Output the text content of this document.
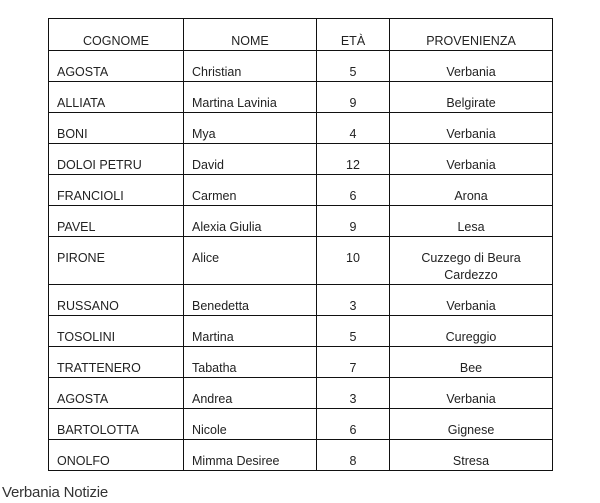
COGNOME	NOME	ETÀ	PROVENIENZA
AGOSTA	Christian	5	Verbania
ALLIATA	Martina Lavinia	9	Belgirate
BONI	Mya	4	Verbania
DOLOI PETRU	David	12	Verbania
FRANCIOLI	Carmen	6	Arona
PAVEL	Alexia Giulia	9	Lesa
PIRONE	Alice	10	Cuzzego di Beura Cardezzo
RUSSANO	Benedetta	3	Verbania
TOSOLINI	Martina	5	Cureggio
TRATTENERO	Tabatha	7	Bee
AGOSTA	Andrea	3	Verbania
BARTOLOTTA	Nicole	6	Gignese
ONOLFO	Mimma Desiree	8	Stresa
Verbania Notizie
